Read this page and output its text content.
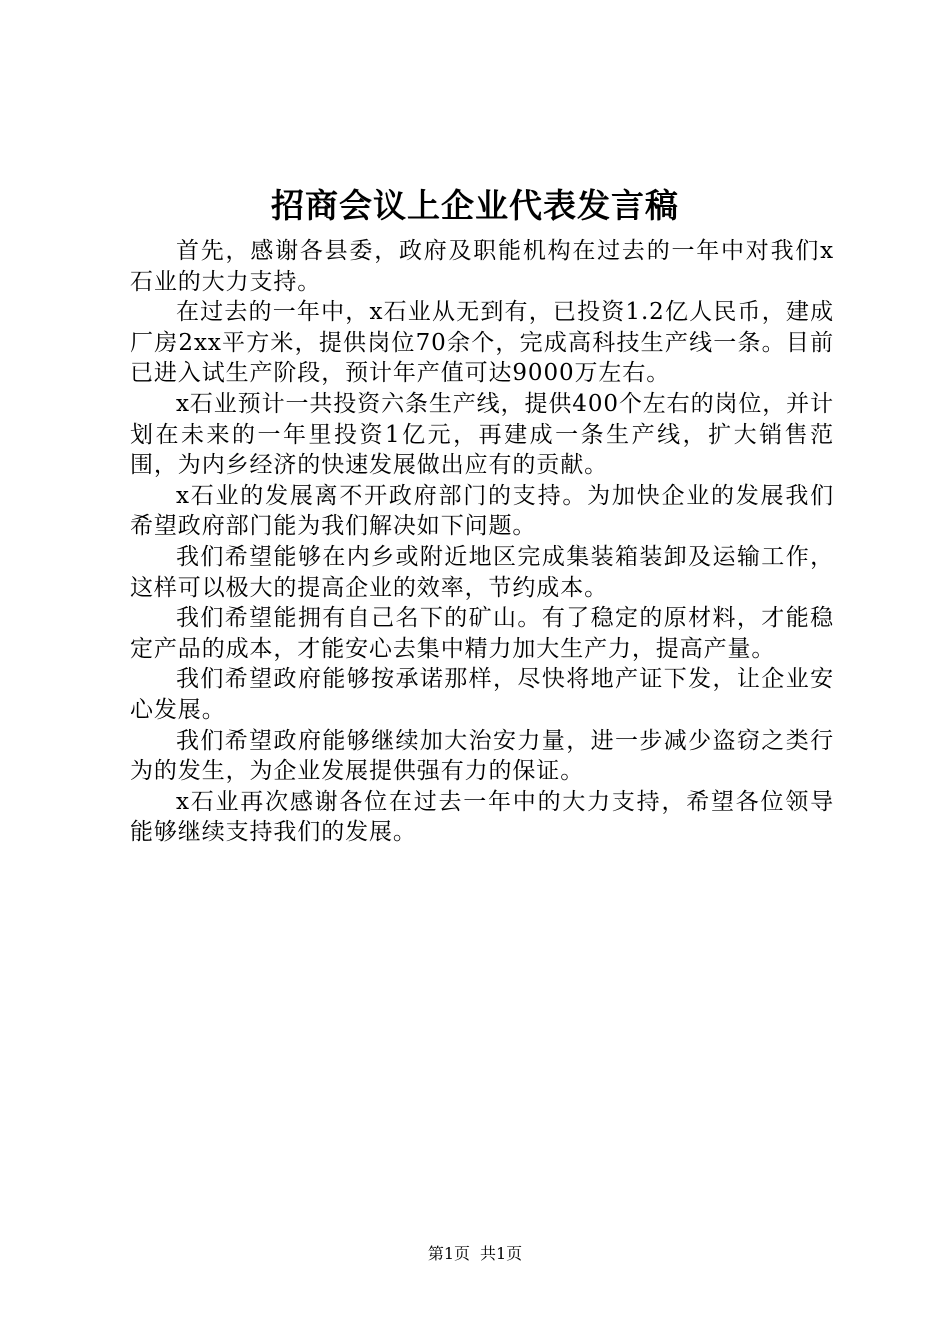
招商会议上企业代表发言稿

首先，感谢各县委，政府及职能机构在过去的一年中对我们x石业的大力支持。

在过去的一年中，x石业从无到有，已投资1.2亿人民币，建成厂房2xx平方米，提供岗位70余个，完成高科技生产线一条。目前已进入试生产阶段，预计年产值可达9000万左右。

x石业预计一共投资六条生产线，提供400个左右的岗位，并计划在未来的一年里投资1亿元，再建成一条生产线，扩大销售范围，为内乡经济的快速发展做出应有的贡献。

x石业的发展离不开政府部门的支持。为加快企业的发展我们希望政府部门能为我们解决如下问题。

我们希望能够在内乡或附近地区完成集装箱装卸及运输工作，这样可以极大的提高企业的效率，节约成本。

我们希望能拥有自己名下的矿山。有了稳定的原材料，才能稳定产品的成本，才能安心去集中精力加大生产力，提高产量。

我们希望政府能够按承诺那样，尽快将地产证下发，让企业安心发展。

我们希望政府能够继续加大治安力量，进一步减少盗窃之类行为的发生，为企业发展提供强有力的保证。

x石业再次感谢各位在过去一年中的大力支持，希望各位领导能够继续支持我们的发展。

第1页 共1页
